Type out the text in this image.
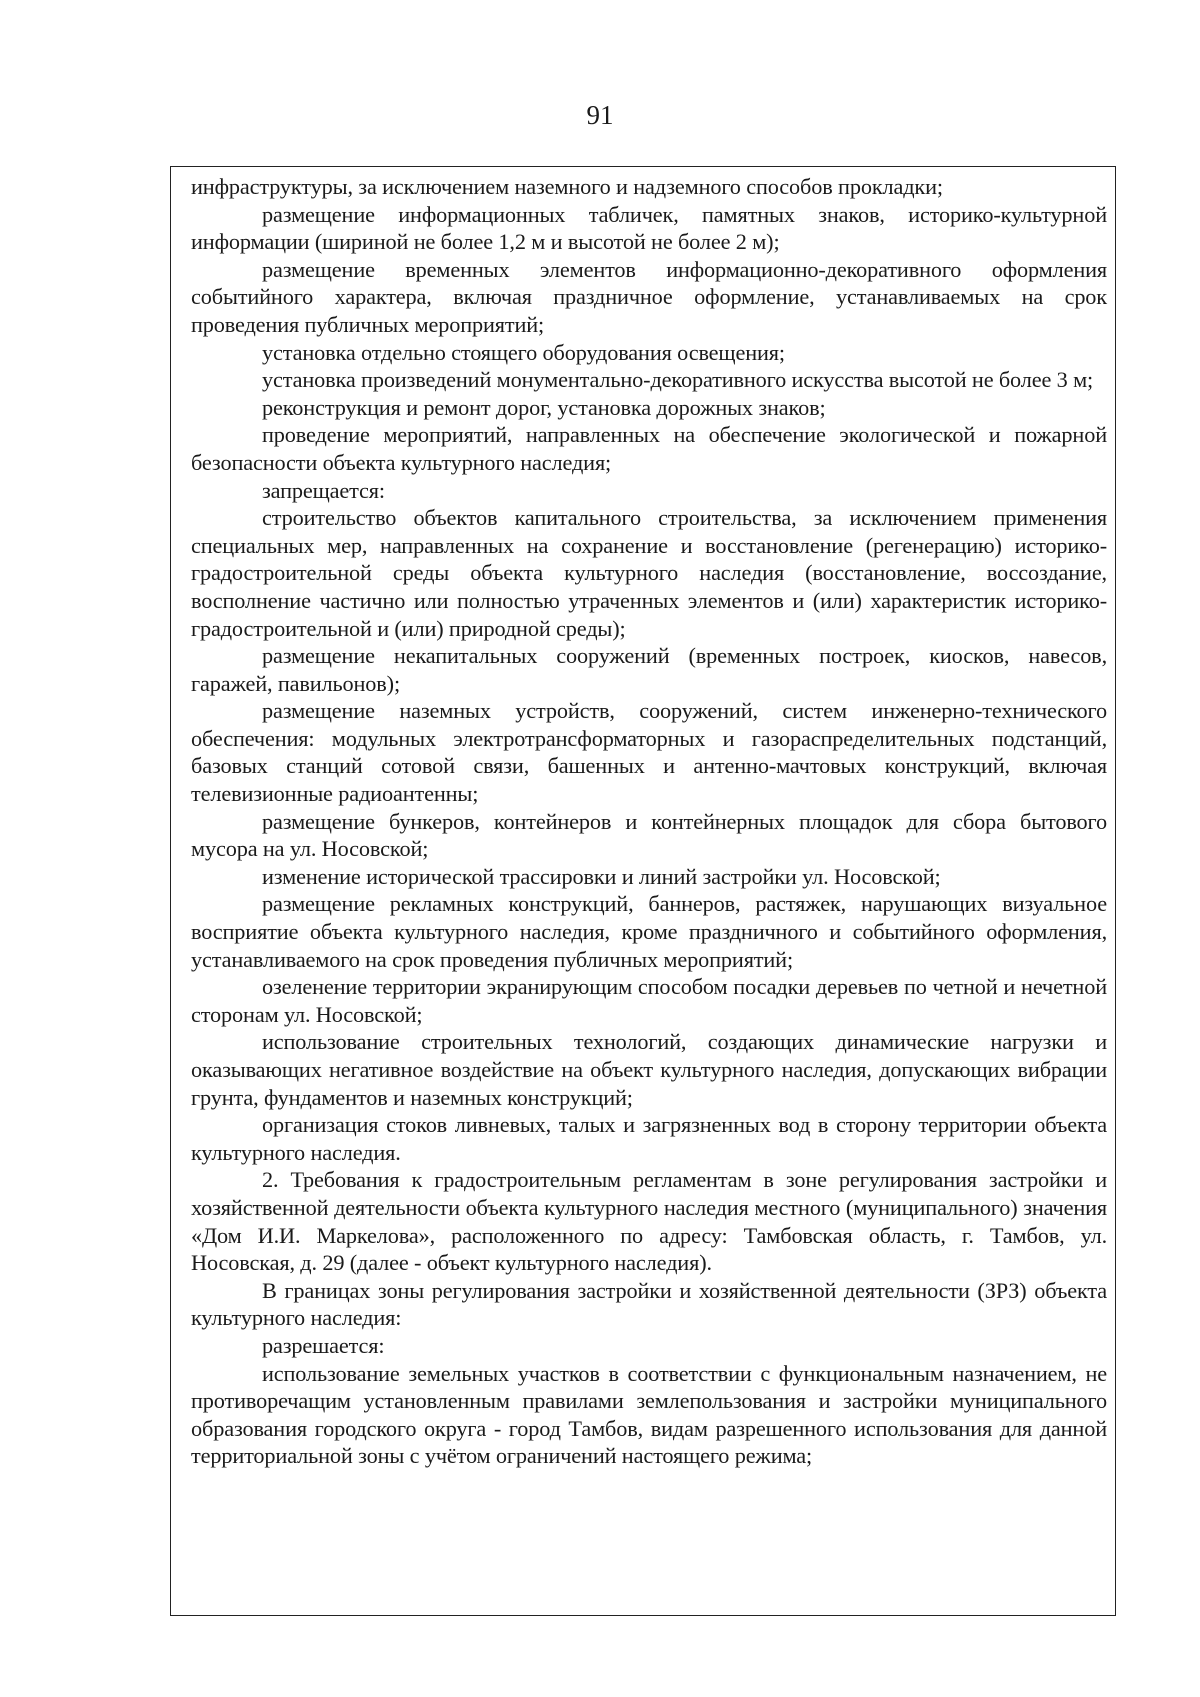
91

инфраструктуры, за исключением наземного и надземного способов прокладки;

размещение информационных табличек, памятных знаков, историко-культурной информации (шириной не более 1,2 м и высотой не более 2 м);

размещение временных элементов информационно-декоративного оформления событийного характера, включая праздничное оформление, устанавливаемых на срок проведения публичных мероприятий;

установка отдельно стоящего оборудования освещения;

установка произведений монументально-декоративного искусства высотой не более 3 м;

реконструкция и ремонт дорог, установка дорожных знаков;

проведение мероприятий, направленных на обеспечение экологической и пожарной безопасности объекта культурного наследия;

запрещается:

строительство объектов капитального строительства, за исключением применения специальных мер, направленных на сохранение и восстановление (регенерацию) историко-градостроительной среды объекта культурного наследия (восстановление, воссоздание, восполнение частично или полностью утраченных элементов и (или) характеристик историко-градостроительной и (или) природной среды);

размещение некапитальных сооружений (временных построек, киосков, навесов, гаражей, павильонов);

размещение наземных устройств, сооружений, систем инженерно-технического обеспечения: модульных электротрансформаторных и газораспределительных подстанций, базовых станций сотовой связи, башенных и антенно-мачтовых конструкций, включая телевизионные радиоантенны;

размещение бункеров, контейнеров и контейнерных площадок для сбора бытового мусора на ул. Носовской;

изменение исторической трассировки и линий застройки ул. Носовской;

размещение рекламных конструкций, баннеров, растяжек, нарушающих визуальное восприятие объекта культурного наследия, кроме праздничного и событийного оформления, устанавливаемого на срок проведения публичных мероприятий;

озеленение территории экранирующим способом посадки деревьев по четной и нечетной сторонам ул. Носовской;

использование строительных технологий, создающих динамические нагрузки и оказывающих негативное воздействие на объект культурного наследия, допускающих вибрации грунта, фундаментов и наземных конструкций;

организация стоков ливневых, талых и загрязненных вод в сторону территории объекта культурного наследия.

2. Требования к градостроительным регламентам в зоне регулирования застройки и хозяйственной деятельности объекта культурного наследия местного (муниципального) значения «Дом И.И. Маркелова», расположенного по адресу: Тамбовская область, г. Тамбов, ул. Носовская, д. 29 (далее - объект культурного наследия).

В границах зоны регулирования застройки и хозяйственной деятельности (ЗРЗ) объекта культурного наследия:

разрешается:

использование земельных участков в соответствии с функциональным назначением, не противоречащим установленным правилами землепользования и застройки муниципального образования городского округа - город Тамбов, видам разрешенного использования для данной территориальной зоны с учётом ограничений настоящего режима;
